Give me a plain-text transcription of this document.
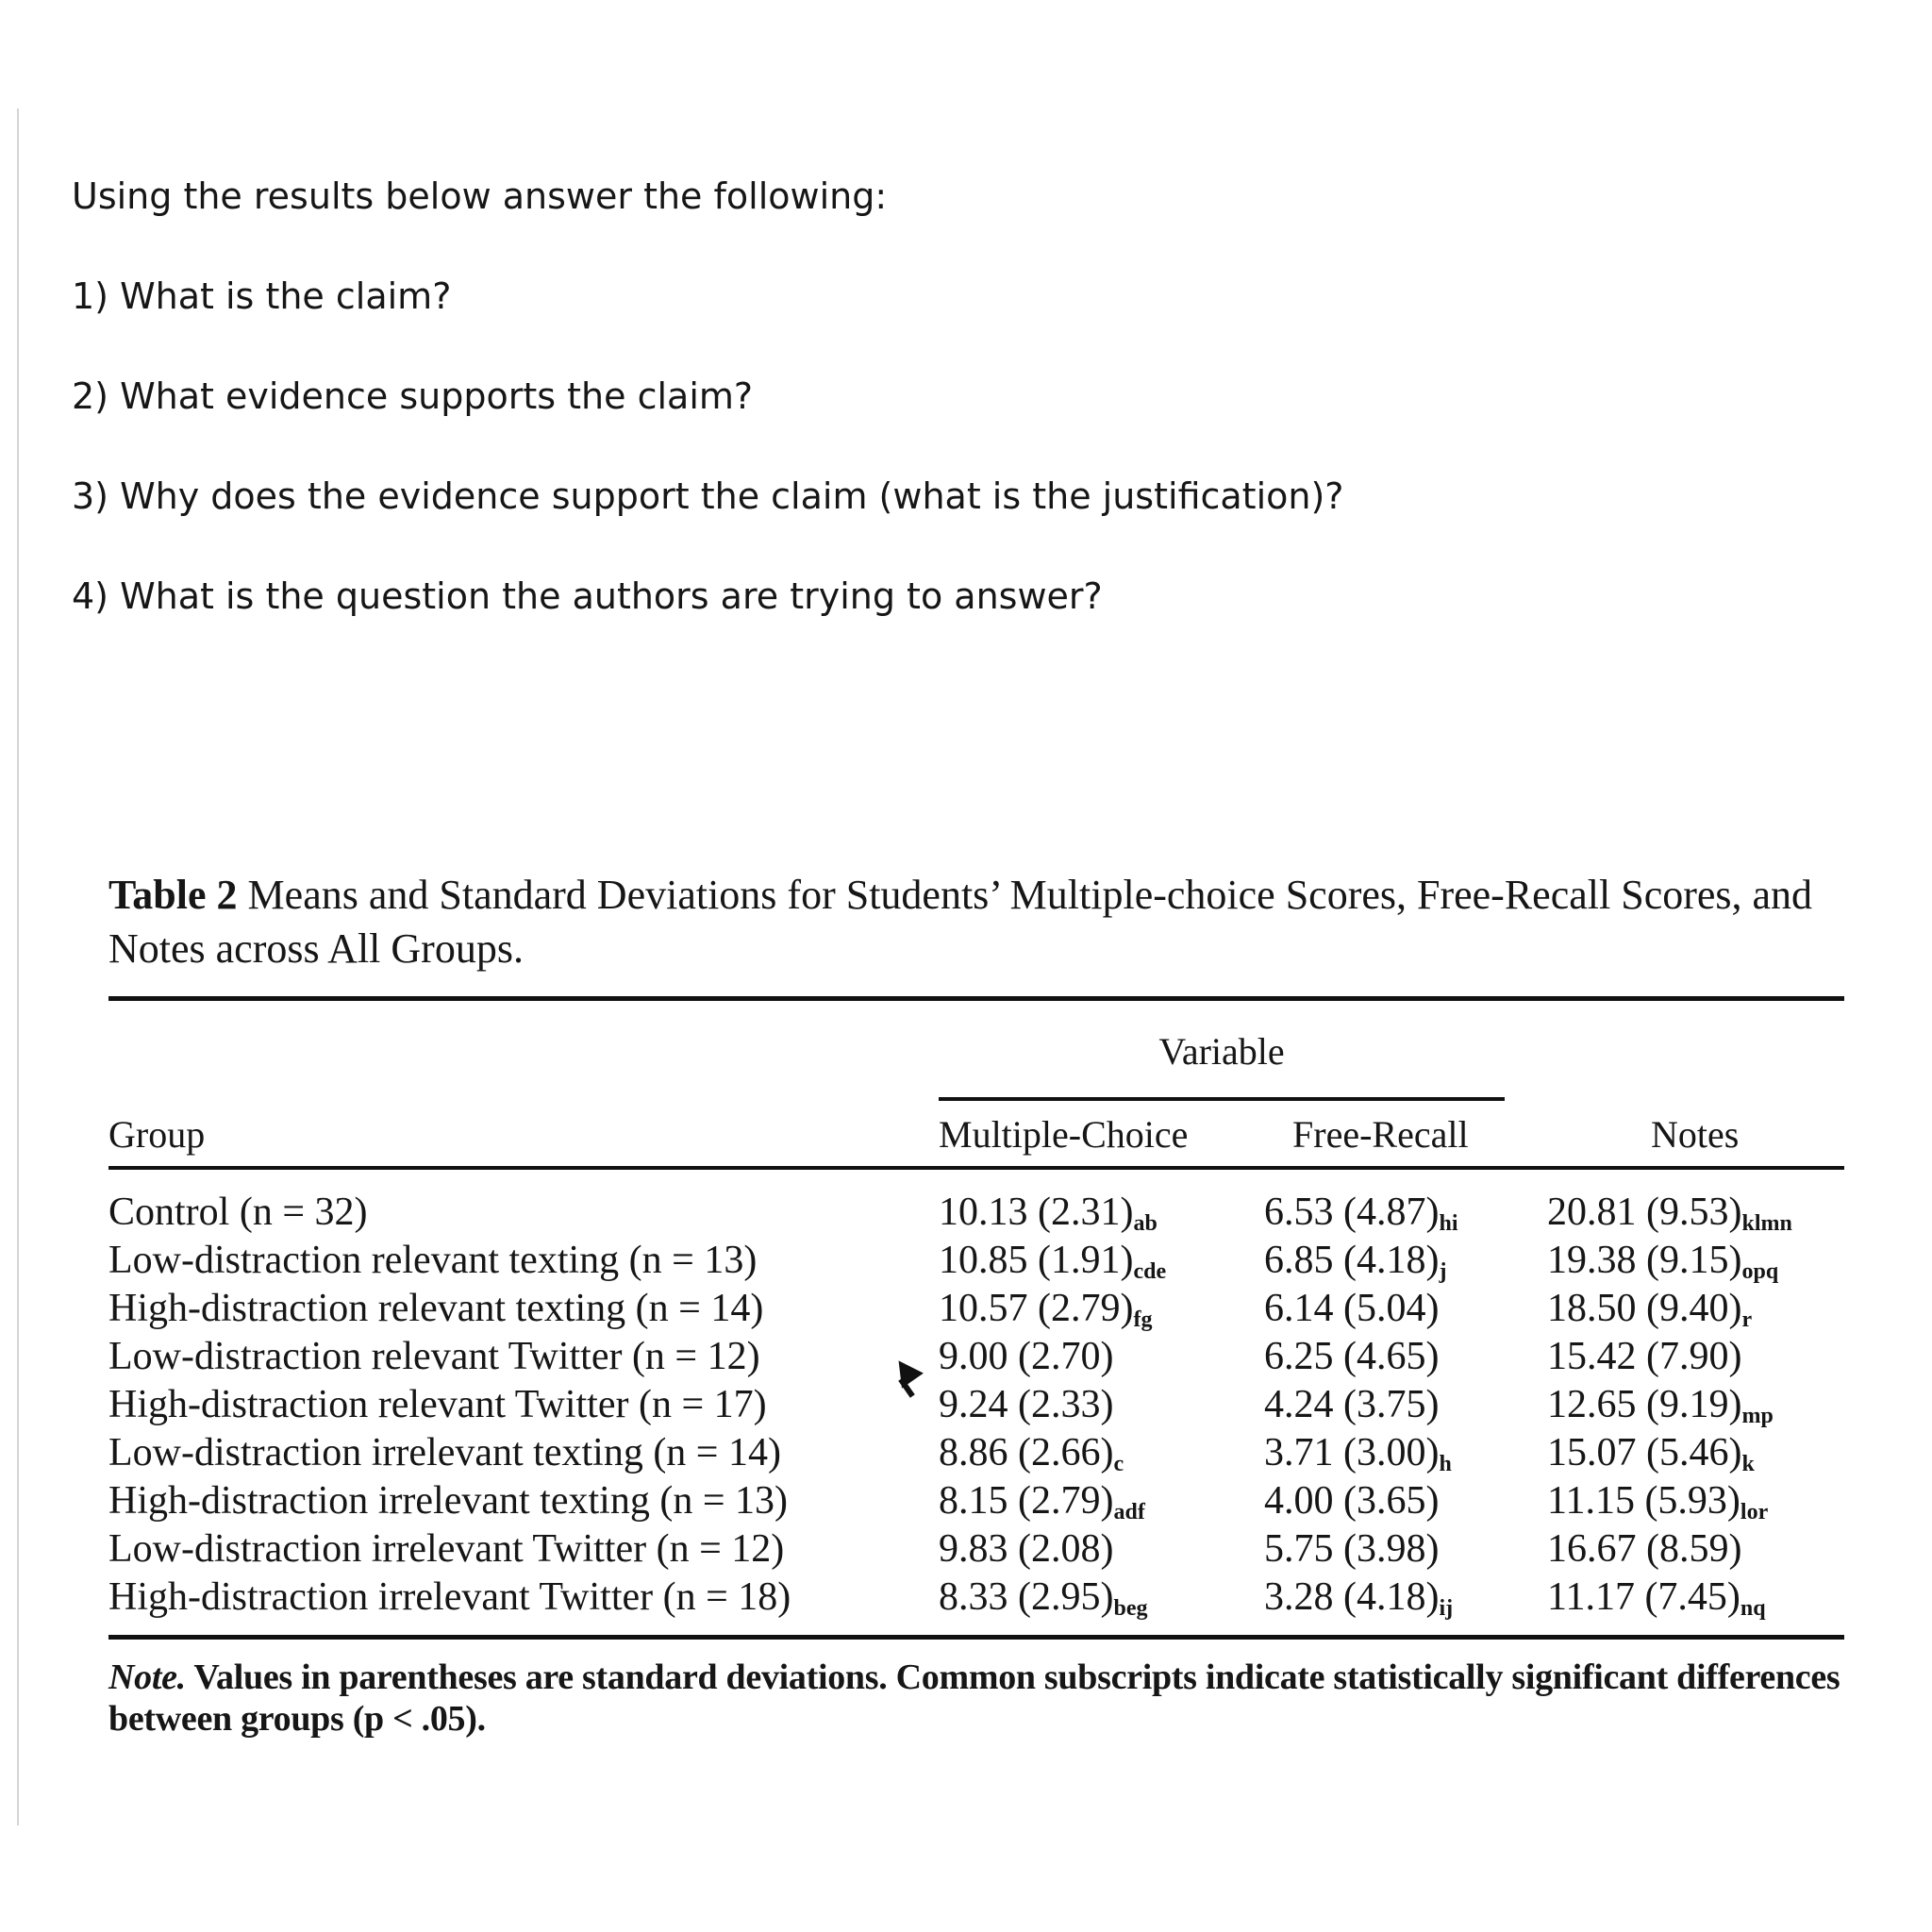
Using the results below answer the following:

1) What is the claim?

2) What evidence supports the claim?

3) Why does the evidence support the claim (what is the justification)?

4) What is the question the authors are trying to answer?

Table 2 Means and Standard Deviations for Students’ Multiple-choice Scores, Free-Recall Scores, and Notes across All Groups.

Variable
Group	Multiple-Choice	Free-Recall	Notes
Control (n = 32)	10.13 $(2.31)_{ab}$	6.53 $(4.87)_{hi}$	20.81 $(9.53)_{klmn}$
Low-distraction relevant texting (n = 13)	10.85 $(1.91)_{cde}$	6.85 $(4.18)_j$	19.38 $(9.15)_{opq}$
High-distraction relevant texting (n = 14)	10.57 $(2.79)_{fg}$	6.14 (5.04)	18.50 $(9.40)_r$
Low-distraction relevant Twitter (n = 12)	9.00 (2.70)	6.25 (4.65)	15.42 (7.90)
High-distraction relevant Twitter (n = 17)	9.24 (2.33)	4.24 (3.75)	12.65 $(9.19)_{mp}$
Low-distraction irrelevant texting (n = 14)	8.86 $(2.66)_c$	3.71 $(3.00)_h$	15.07 $(5.46)_k$
High-distraction irrelevant texting (n = 13)	8.15 $(2.79)_{adf}$	4.00 (3.65)	11.15 $(5.93)_{lor}$
Low-distraction irrelevant Twitter (n = 12)	9.83 (2.08)	5.75 (3.98)	16.67 (8.59)
High-distraction irrelevant Twitter (n = 18)	8.33 $(2.95)_{beg}$	3.28 $(4.18)_{ij}$	11.17 $(7.45)_{nq}$

Note. Values in parentheses are standard deviations. Common subscripts indicate statistically significant differences between groups (p < .05).
